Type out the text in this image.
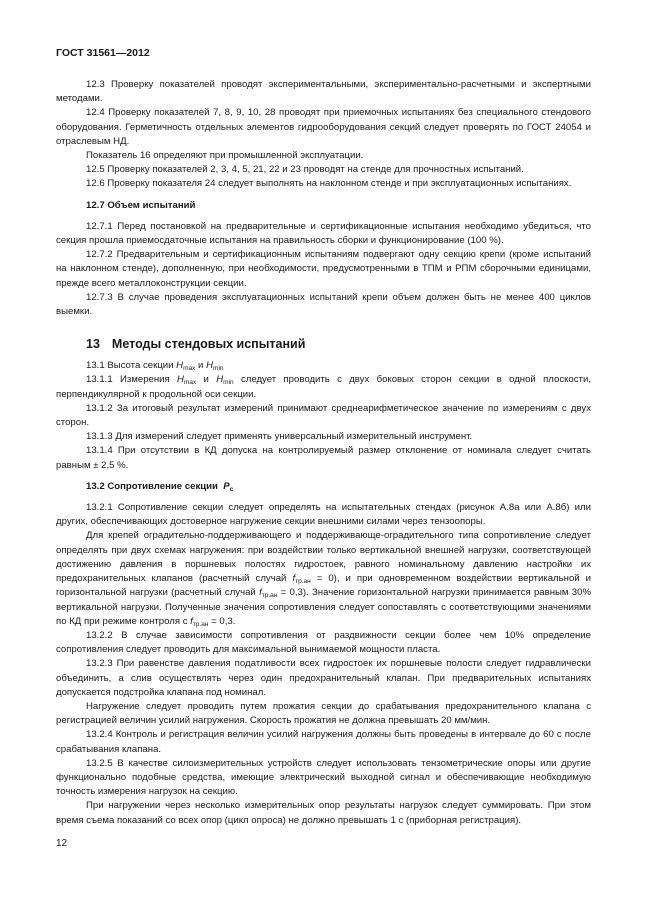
ГОСТ 31561—2012

12.3 Проверку показателей проводят экспериментальными, экспериментально-расчетными и экспертными методами.

12.4 Проверку показателей 7, 8, 9, 10, 28 проводят при приемочных испытаниях без специального стендового оборудования. Герметичность отдельных элементов гидрооборудования секций следует проверять по ГОСТ 24054 и отраслевым НД.

Показатель 16 определяют при промышленной эксплуатации.

12.5 Проверку показателей 2, 3, 4, 5, 21, 22 и 23 проводят на стенде для прочностных испытаний.

12.6 Проверку показателя 24 следует выполнять на наклонном стенде и при эксплуатационных испытаниях.

12.7 Объем испытаний

12.7.1 Перед постановкой на предварительные и сертификационные испытания необходимо убедиться, что секция прошла приемосдаточные испытания на правильность сборки и функционирование (100 %).

12.7.2 Предварительным и сертификационным испытаниям подвергают одну секцию крепи (кроме испытаний на наклонном стенде), дополненную, при необходимости, предусмотренными в ТПМ и РПМ сборочными единицами, прежде всего металлоконструкции секции.

12.7.3 В случае проведения эксплуатационных испытаний крепи объем должен быть не менее 400 циклов выемки.

13 Методы стендовых испытаний

13.1 Высота секции $H_{max}$ и $H_{min}$

13.1.1 Измерения $H_{max}$ и $H_{min}$ следует проводить с двух боковых сторон секции в одной плоскости, перпендикулярной к продольной оси секции.

13.1.2 За итоговый результат измерений принимают среднеарифметическое значение по измерениям с двух сторон.

13.1.3 Для измерений следует применять универсальный измерительный инструмент.

13.1.4 При отсутствии в КД допуска на контролируемый размер отклонение от номинала следует считать равным ± 2,5 %.

13.2 Сопротивление секции $P_c$

13.2.1 Сопротивление секции следует определять на испытательных стендах (рисунок А.8а или А.8б) или других, обеспечивающих достоверное нагружение секции внешними силами через тензоопоры.

Для крепей оградительно-поддерживающего и поддерживающе-оградительного типа сопротивление следует определять при двух схемах нагружения: при воздействии только вертикальной внешней нагрузки, соответствующей достижению давления в поршневых полостях гидростоек, равного номинальному давлению настройки их предохранительных клапанов (расчетный случай $f_{тр.ан} = 0$), и при одновременном воздействии вертикальной и горизонтальной нагрузки (расчетный случай $f_{тр.ан} = 0,3$). Значение горизонтальной нагрузки принимается равным 30% вертикальной нагрузки. Полученные значения сопротивления следует сопоставлять с соответствующими значениями по КД при режиме контроля с $f_{тр.ан} = 0,3$.

13.2.2 В случае зависимости сопротивления от раздвижности секции более чем 10% определение сопротивления следует проводить для максимальной вынимаемой мощности пласта.

13.2.3 При равенстве давления податливости всех гидростоек их поршневые полости следует гидравлически объединить, а слив осуществлять через один предохранительный клапан. При предварительных испытаниях допускается подстройка клапана под номинал.

Нагружение следует проводить путем прожатия секции до срабатывания предохранительного клапана с регистрацией величин усилий нагружения. Скорость прожатия не должна превышать 20 мм/мин.

13.2.4 Контроль и регистрация величин усилий нагружения должны быть проведены в интервале до 60 с после срабатывания клапана.

13.2.5 В качестве силоизмерительных устройств следует использовать тензометрические опоры или другие функционально подобные средства, имеющие электрический выходной сигнал и обеспечивающие необходимую точность измерения нагрузок на секцию.

При нагружении через несколько измерительных опор результаты нагрузок следует суммировать. При этом время съема показаний со всех опор (цикл опроса) не должно превышать 1 с (приборная регистрация).

12
